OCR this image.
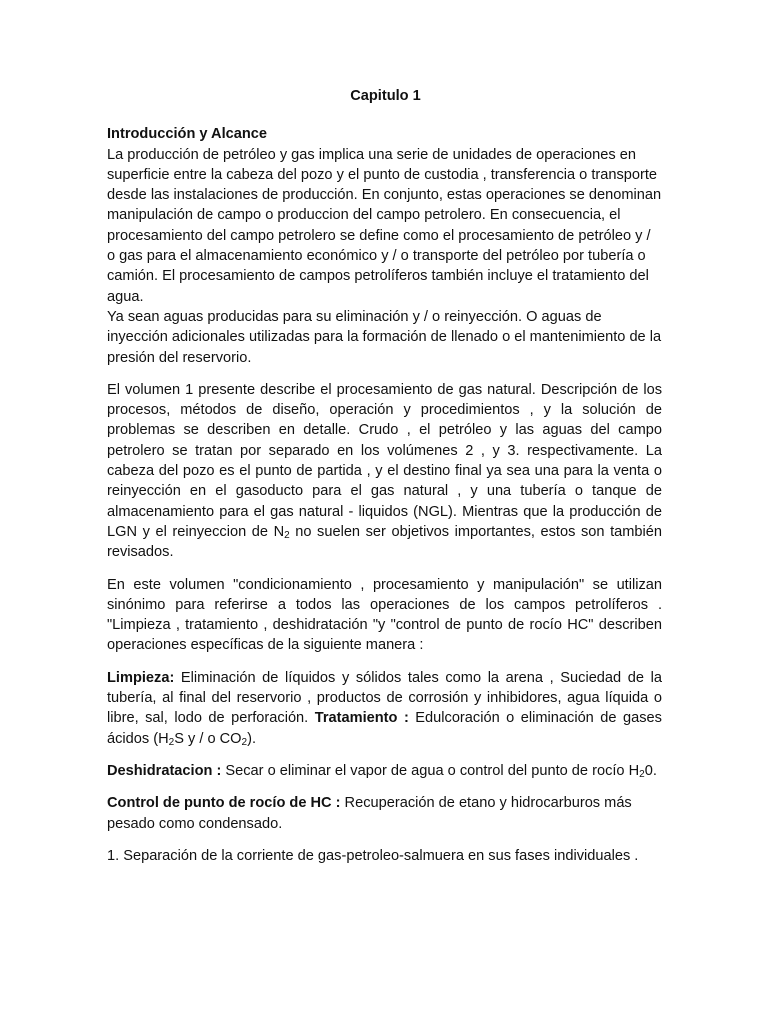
Capitulo 1

Introducción y Alcance

La producción de petróleo y gas implica una serie de unidades de operaciones en superficie entre la cabeza del pozo y el punto de custodia , transferencia o transporte desde las instalaciones de producción. En conjunto, estas operaciones se denominan manipulación de campo o produccion del campo petrolero. En consecuencia, el procesamiento del campo petrolero se define como el procesamiento de petróleo y / o gas para el almacenamiento económico y / o transporte del petróleo por tubería o camión. El procesamiento de campos petrolíferos también incluye el tratamiento del agua.

Ya sean aguas producidas para su eliminación y / o reinyección. O aguas de inyección adicionales utilizadas para la formación de llenado o el mantenimiento de la presión del reservorio.

El volumen 1 presente describe el procesamiento de gas natural. Descripción de los procesos, métodos de diseño, operación y procedimientos , y la solución de problemas se describen en detalle. Crudo , el petróleo y las aguas del campo petrolero se tratan por separado en los volúmenes 2 , y 3. respectivamente. La cabeza del pozo es el punto de partida , y el destino final ya sea una para la venta o reinyección en el gasoducto para el gas natural , y una tubería o tanque de almacenamiento para el gas natural - liquidos (NGL). Mientras que la producción de LGN y el reinyeccion de $N_2$ no suelen ser objetivos importantes, estos son también revisados.

En este volumen "condicionamiento , procesamiento y manipulación" se utilizan sinónimo para referirse a todos las operaciones de los campos petrolíferos . "Limpieza , tratamiento , deshidratación "y "control de punto de rocío HC" describen operaciones específicas de la siguiente manera :

Limpieza: Eliminación de líquidos y sólidos tales como la arena , Suciedad de la tubería, al final del reservorio , productos de corrosión y inhibidores, agua líquida o libre, sal, lodo de perforación. Tratamiento : Edulcoración o eliminación de gases ácidos ($H_2S$ y / o $CO_2$).

Deshidratacion : Secar o eliminar el vapor de agua o control del punto de rocío $H_20$.

Control de punto de rocío de HC : Recuperación de etano y hidrocarburos más pesado como condensado.

1. Separación de la corriente de gas-petroleo-salmuera en sus fases individuales .
